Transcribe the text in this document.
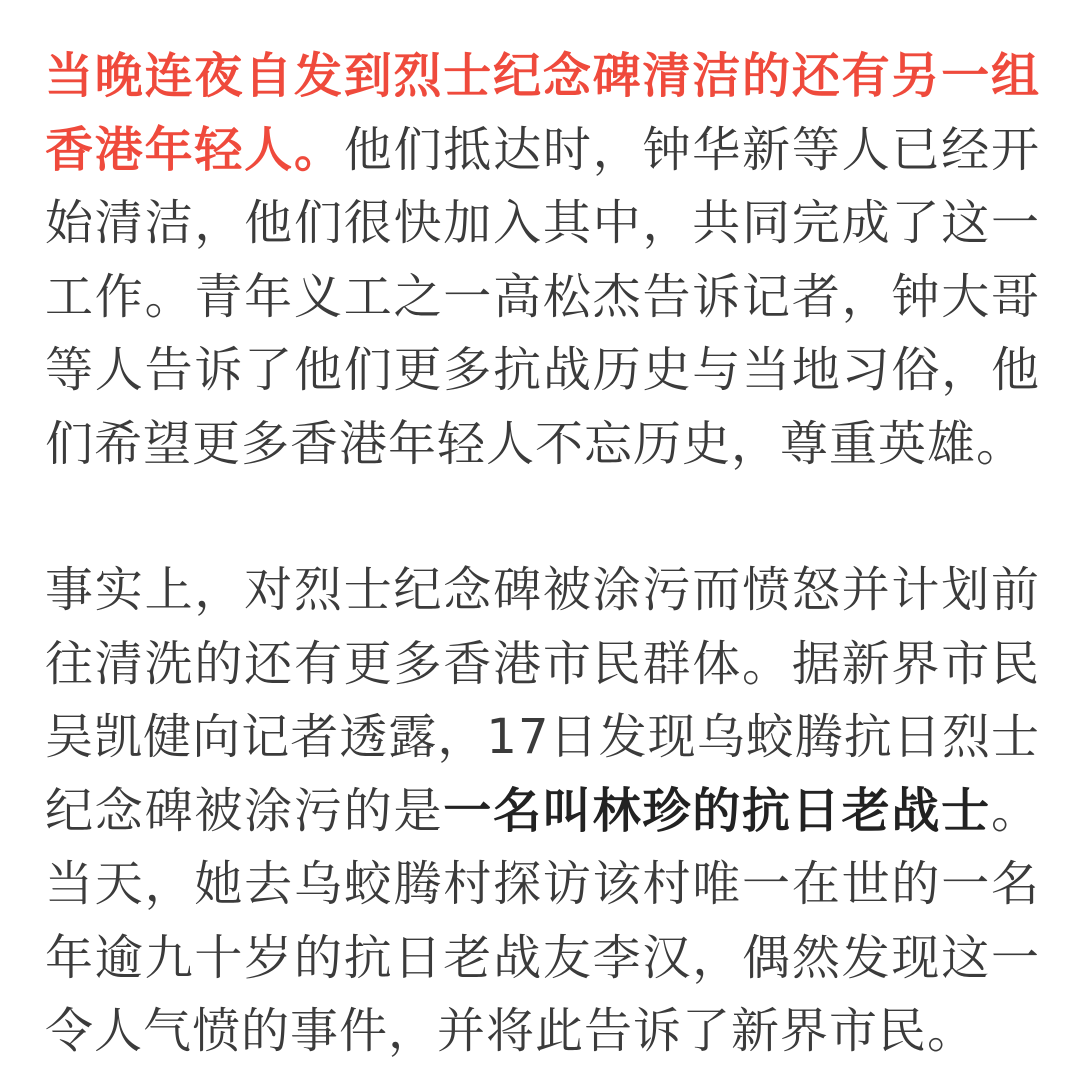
当晚连夜自发到烈士纪念碑清洁的还有另一组香港年轻人。他们抵达时，钟华新等人已经开始清洁，他们很快加入其中，共同完成了这一工作。青年义工之一高松杰告诉记者，钟大哥等人告诉了他们更多抗战历史与当地习俗，他们希望更多香港年轻人不忘历史，尊重英雄。

事实上，对烈士纪念碑被涂污而愤怒并计划前往清洗的还有更多香港市民群体。据新界市民吴凯健向记者透露，17日发现乌蛟腾抗日烈士纪念碑被涂污的是一名叫林珍的抗日老战士。当天，她去乌蛟腾村探访该村唯一在世的一名年逾九十岁的抗日老战友李汉，偶然发现这一令人气愤的事件，并将此告诉了新界市民。
